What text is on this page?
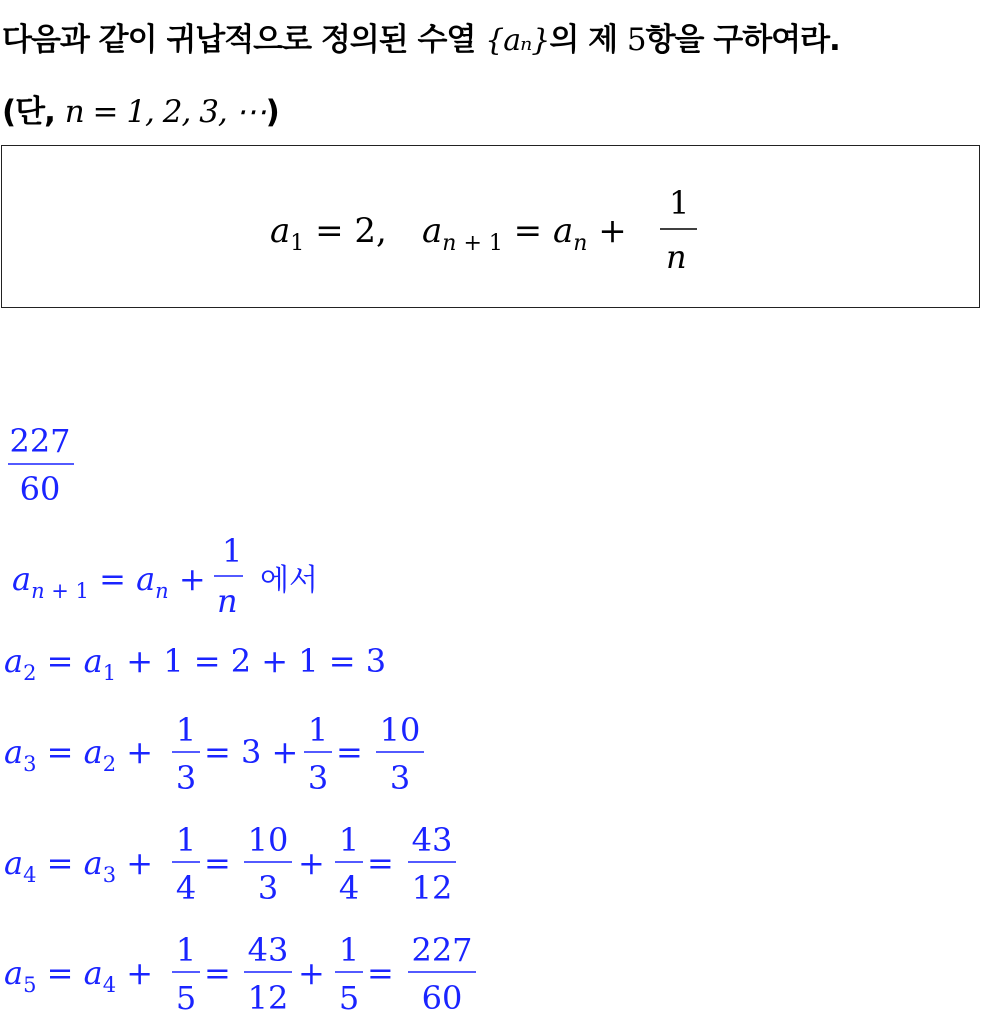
다음과 같이 귀납적으로 정의된 수열 {aₙ}의 제 5항을 구하여라.
(단, n = 1, 2, 3, ⋯)
$a_1 = 2$, $a_n + 1 = a_n$ +
1
n
227
60
$a_n + 1 = a_n$ +
1
n
에서
$a_2 = a_1 + 1 = 2 + 1 = 3$
$a_3 = a_2$ +
1
3
= 3 +
1
3
=
10
3
$a_4 = a_3$ +
1
4
=
10
3
+
1
4
=
43
12
$a_5 = a_4$ +
1
5
=
43
12
+
1
5
=
227
60
